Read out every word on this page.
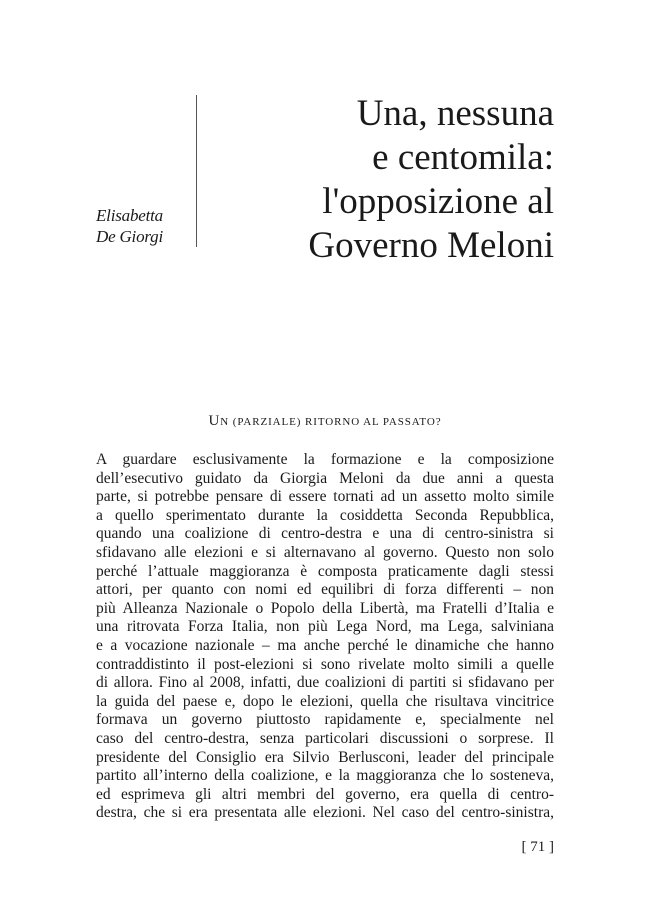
Elisabetta
De Giorgi
Una, nessuna
e centomila:
l'opposizione al
Governo Meloni
UN (PARZIALE) RITORNO AL PASSATO?
A guardare esclusivamente la formazione e la composizione
dell’esecutivo guidato da Giorgia Meloni da due anni a questa
parte, si potrebbe pensare di essere tornati ad un assetto molto simile
a quello sperimentato durante la cosiddetta Seconda Repubblica,
quando una coalizione di centro-destra e una di centro-sinistra si
sfidavano alle elezioni e si alternavano al governo. Questo non solo
perché l’attuale maggioranza è composta praticamente dagli stessi
attori, per quanto con nomi ed equilibri di forza differenti – non
più Alleanza Nazionale o Popolo della Libertà, ma Fratelli d’Italia e
una ritrovata Forza Italia, non più Lega Nord, ma Lega, salviniana
e a vocazione nazionale – ma anche perché le dinamiche che hanno
contraddistinto il post-elezioni si sono rivelate molto simili a quelle
di allora. Fino al 2008, infatti, due coalizioni di partiti si sfidavano per
la guida del paese e, dopo le elezioni, quella che risultava vincitrice
formava un governo piuttosto rapidamente e, specialmente nel
caso del centro-destra, senza particolari discussioni o sorprese. Il
presidente del Consiglio era Silvio Berlusconi, leader del principale
partito all’interno della coalizione, e la maggioranza che lo sosteneva,
ed esprimeva gli altri membri del governo, era quella di centro-
destra, che si era presentata alle elezioni. Nel caso del centro-sinistra,
[ 71 ]
